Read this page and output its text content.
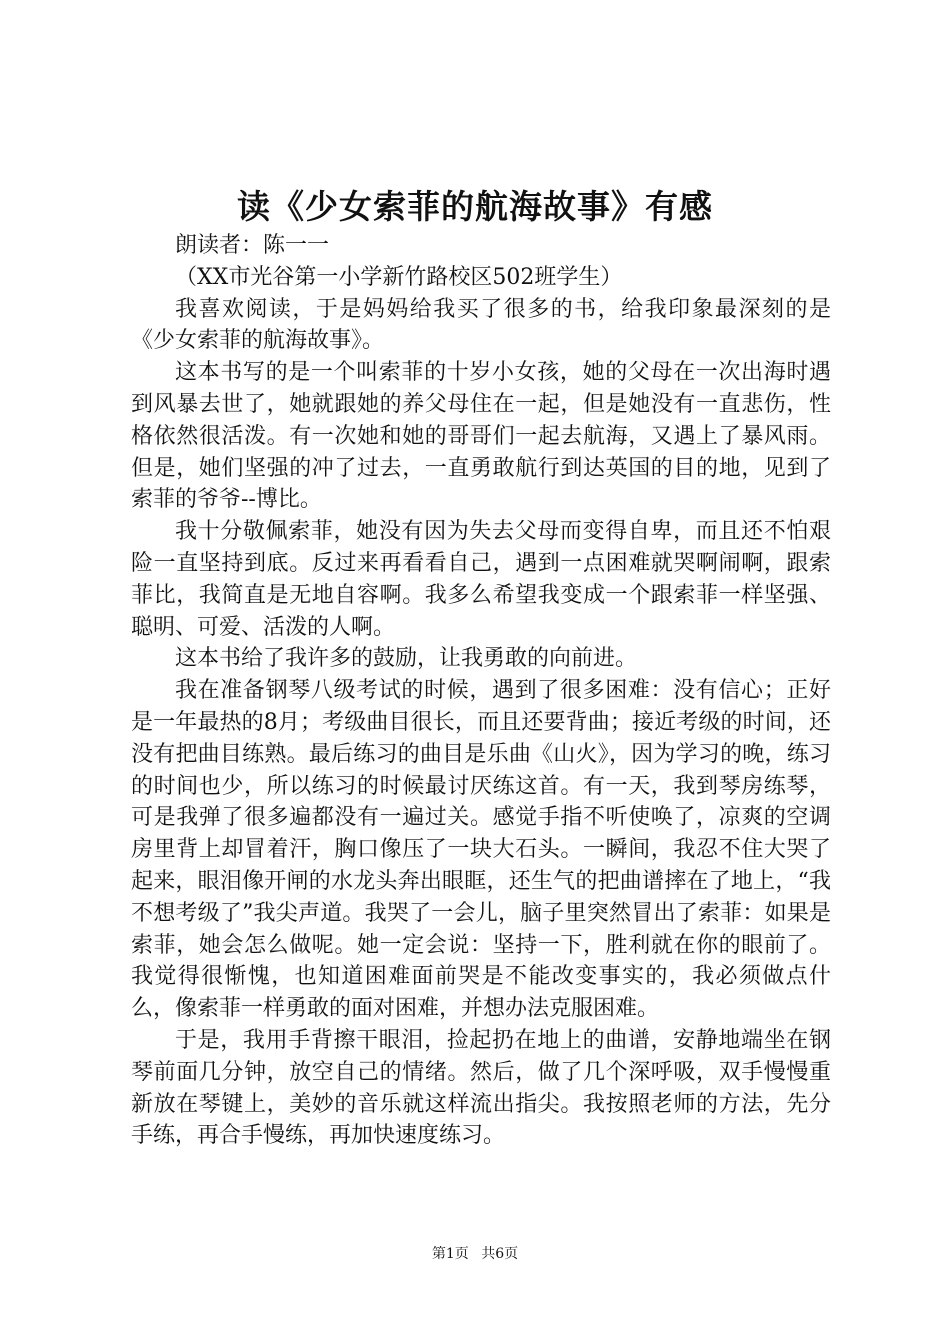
读《少女索菲的航海故事》有感

朗读者：陈一一

（XX市光谷第一小学新竹路校区502班学生）

我喜欢阅读，于是妈妈给我买了很多的书，给我印象最深刻的是《少女索菲的航海故事》。

这本书写的是一个叫索菲的十岁小女孩，她的父母在一次出海时遇到风暴去世了，她就跟她的养父母住在一起，但是她没有一直悲伤，性格依然很活泼。有一次她和她的哥哥们一起去航海，又遇上了暴风雨。但是，她们坚强的冲了过去，一直勇敢航行到达英国的目的地，见到了索菲的爷爷--博比。

我十分敬佩索菲，她没有因为失去父母而变得自卑，而且还不怕艰险一直坚持到底。反过来再看看自己，遇到一点困难就哭啊闹啊，跟索菲比，我简直是无地自容啊。我多么希望我变成一个跟索菲一样坚强、聪明、可爱、活泼的人啊。

这本书给了我许多的鼓励，让我勇敢的向前进。

我在准备钢琴八级考试的时候，遇到了很多困难：没有信心；正好是一年最热的8月；考级曲目很长，而且还要背曲；接近考级的时间，还没有把曲目练熟。最后练习的曲目是乐曲《山火》，因为学习的晚，练习的时间也少，所以练习的时候最讨厌练这首。有一天，我到琴房练琴，可是我弹了很多遍都没有一遍过关。感觉手指不听使唤了，凉爽的空调房里背上却冒着汗，胸口像压了一块大石头。一瞬间，我忍不住大哭了起来，眼泪像开闸的水龙头奔出眼眶，还生气的把曲谱摔在了地上，“我不想考级了”我尖声道。我哭了一会儿，脑子里突然冒出了索菲：如果是索菲，她会怎么做呢。她一定会说：坚持一下，胜利就在你的眼前了。我觉得很惭愧，也知道困难面前哭是不能改变事实的，我必须做点什么，像索菲一样勇敢的面对困难，并想办法克服困难。

于是，我用手背擦干眼泪，捡起扔在地上的曲谱，安静地端坐在钢琴前面几分钟，放空自己的情绪。然后，做了几个深呼吸，双手慢慢重新放在琴键上，美妙的音乐就这样流出指尖。我按照老师的方法，先分手练，再合手慢练，再加快速度练习。

第1页 共6页
